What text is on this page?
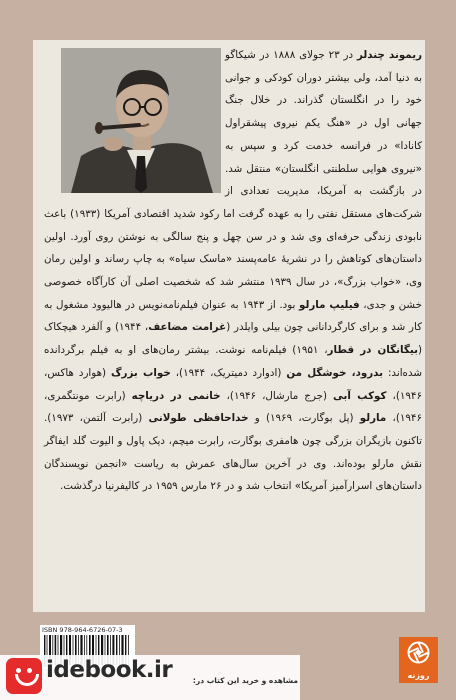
ریموند چندلر در ۲۳ جولای ۱۸۸۸ در شیکاگو به دنیا آمد، ولی بیشتر دوران کودکی و جوانی خود را در انگلستان گذراند. در خلال جنگ جهانی اول در «هنگ یکم نیروی پیشقراول کانادا» در فرانسه خدمت کرد و سپس به «نیروی هوایی سلطنتی انگلستان» منتقل شد. در بازگشت به آمریکا، مدیریت تعدادی از شرکت‌های مستقل نفتی را به عهده گرفت اما رکود شدید اقتصادی آمریکا (۱۹۳۳) باعث نابودی زندگی حرفه‌ای وی شد و در سن چهل و پنج سالگی به نوشتن روی آورد. اولین داستان‌های کوتاهش را در نشریهٔ عامه‌پسند «ماسک سیاه» به چاپ رساند و اولین رمان وی، «خواب بزرگ»، در سال ۱۹۳۹ منتشر شد که شخصیت اصلی آن کارآگاه خصوصی خشن و جدی، فیلیپ مارلو بود. از ۱۹۴۳ به عنوان فیلم‌نامه‌نویس در هالیوود مشغول به کار شد و برای کارگردانانی چون بیلی وایلدر (غرامت مضاعف، ۱۹۴۴) و آلفرد هیچکاک (بیگانگان در قطار، ۱۹۵۱) فیلم‌نامه نوشت. بیشتر رمان‌های او به فیلم برگردانده شده‌اند: بدرود، خوشگل من (ادوارد دمیتریک، ۱۹۴۴)، خواب بزرگ (هوارد هاکس، ۱۹۴۶)، کوکب آبی (جرج مارشال، ۱۹۴۶)، خانمی در دریاچه (رابرت مونتگمری، ۱۹۴۶)، مارلو (پل بوگارت، ۱۹۶۹) و خداحافظی طولانی (رابرت آلتمن، ۱۹۷۳). تاکنون بازیگران بزرگی چون هامفری بوگارت، رابرت میچم، دیک پاول و الیوت گلد ایفاگر نقش مارلو بوده‌اند. وی در آخرین سال‌های عمرش به ریاست «انجمن نویسندگان داستان‌های اسرارآمیز آمریکا» انتخاب شد و در ۲۶ مارس ۱۹۵۹ در کالیفرنیا درگذشت.
ISBN 978-964-6726-07-3
روزنه
idebook.ir	مشاهده و خرید این کتاب در:
